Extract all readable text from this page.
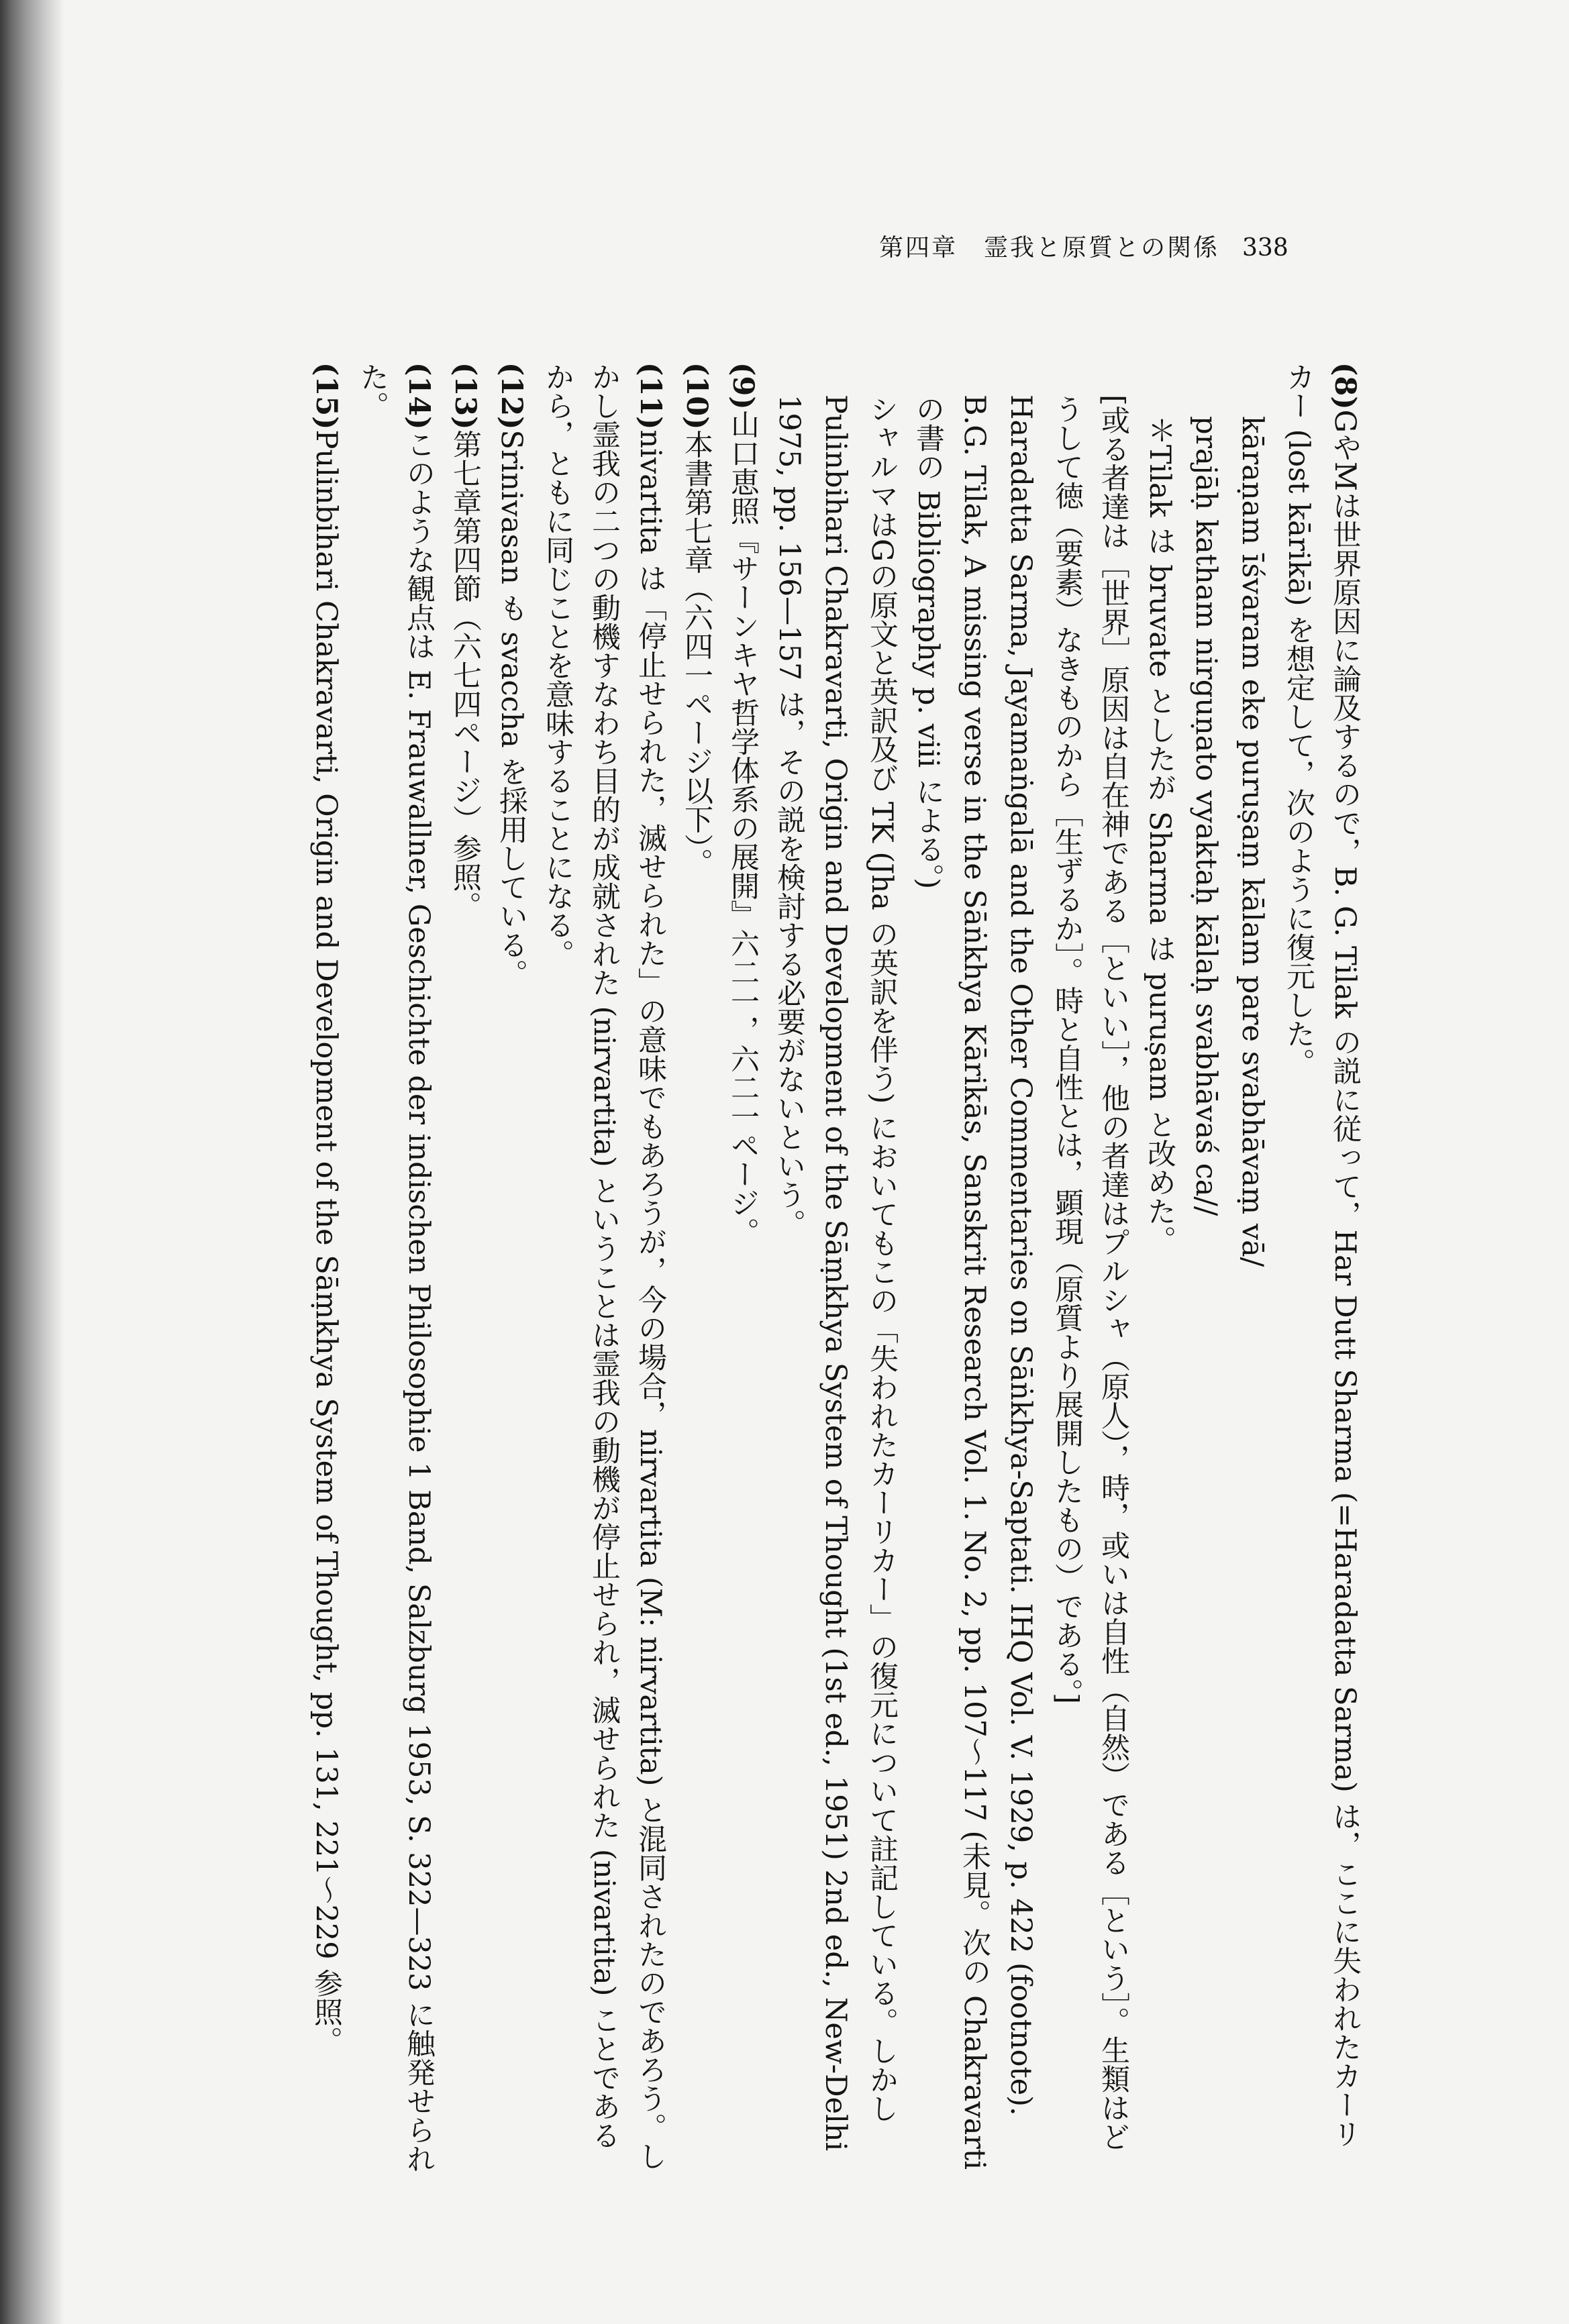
第四章　霊我と原質との関係 338

(8)GやMは世界原因に論及するので，B. G. Tilak の説に従って，Har Dutt Sharma (=Haradatta Sarma) は，ここに失われたカーリカー (lost kārikā) を想定して，次のように復元した。

kāraṇam īśvaram eke puruṣaṃ kālam pare svabhāvaṃ vā/

prajāḥ katham nirguṇato vyaktaḥ kālaḥ svabhāvaś ca//

＊Tilak は bruvate としたが Sharma は puruṣam と改めた。

[或る者達は［世界］原因は自在神である［といい］，他の者達はプルシャ（原人），時，或いは自性（自然）である［という］。生類はどうして徳（要素）なきものから［生ずるか］。時と自性とは，顕現（原質より展開したもの）である。]

Haradatta Sarma, Jayamaṅgalā and the Other Commentaries on Sāṅkhya-Saptati. IHQ Vol. V. 1929, p. 422 (footnote).

B.G. Tilak, A missing verse in the Sāṅkhya Kārikās, Sanskrit Research Vol. 1. No. 2, pp. 107～117 (未見。次の Chakravarti の書の Bibliography p. viii による。)

シャルマはGの原文と英訳及び TK (Jha の英訳を伴う) においてもこの「失われたカーリカー」の復元について註記している。しかし Pulinbihari Chakravarti, Origin and Development of the Sāṃkhya System of Thought (1st ed., 1951) 2nd ed., New-Delhi 1975, pp. 156—157 は，その説を検討する必要がないという。

(9)山口恵照『サーンキヤ哲学体系の展開』六二一，六二一ページ。

(10)本書第七章（六四一ページ以下）。

(11)nivartita は「停止せられた，滅せられた」の意味でもあろうが，今の場合，nirvartita (M: nirvartita) と混同されたのであろう。しかし霊我の二つの動機すなわち目的が成就された (nirvartita) ということは霊我の動機が停止せられ，滅せられた (nivartita) ことであるから，ともに同じことを意味することになる。

(12)Srinivasan も svaccha を採用している。

(13)第七章第四節（六七四ページ）参照。

(14)このような観点は E. Frauwallner, Geschichte der indischen Philosophie 1 Band, Salzburg 1953, S. 322—323 に触発せられた。

(15)Pulinbihari Chakravarti, Origin and Development of the Sāṃkhya System of Thought, pp. 131, 221～229 参照。
